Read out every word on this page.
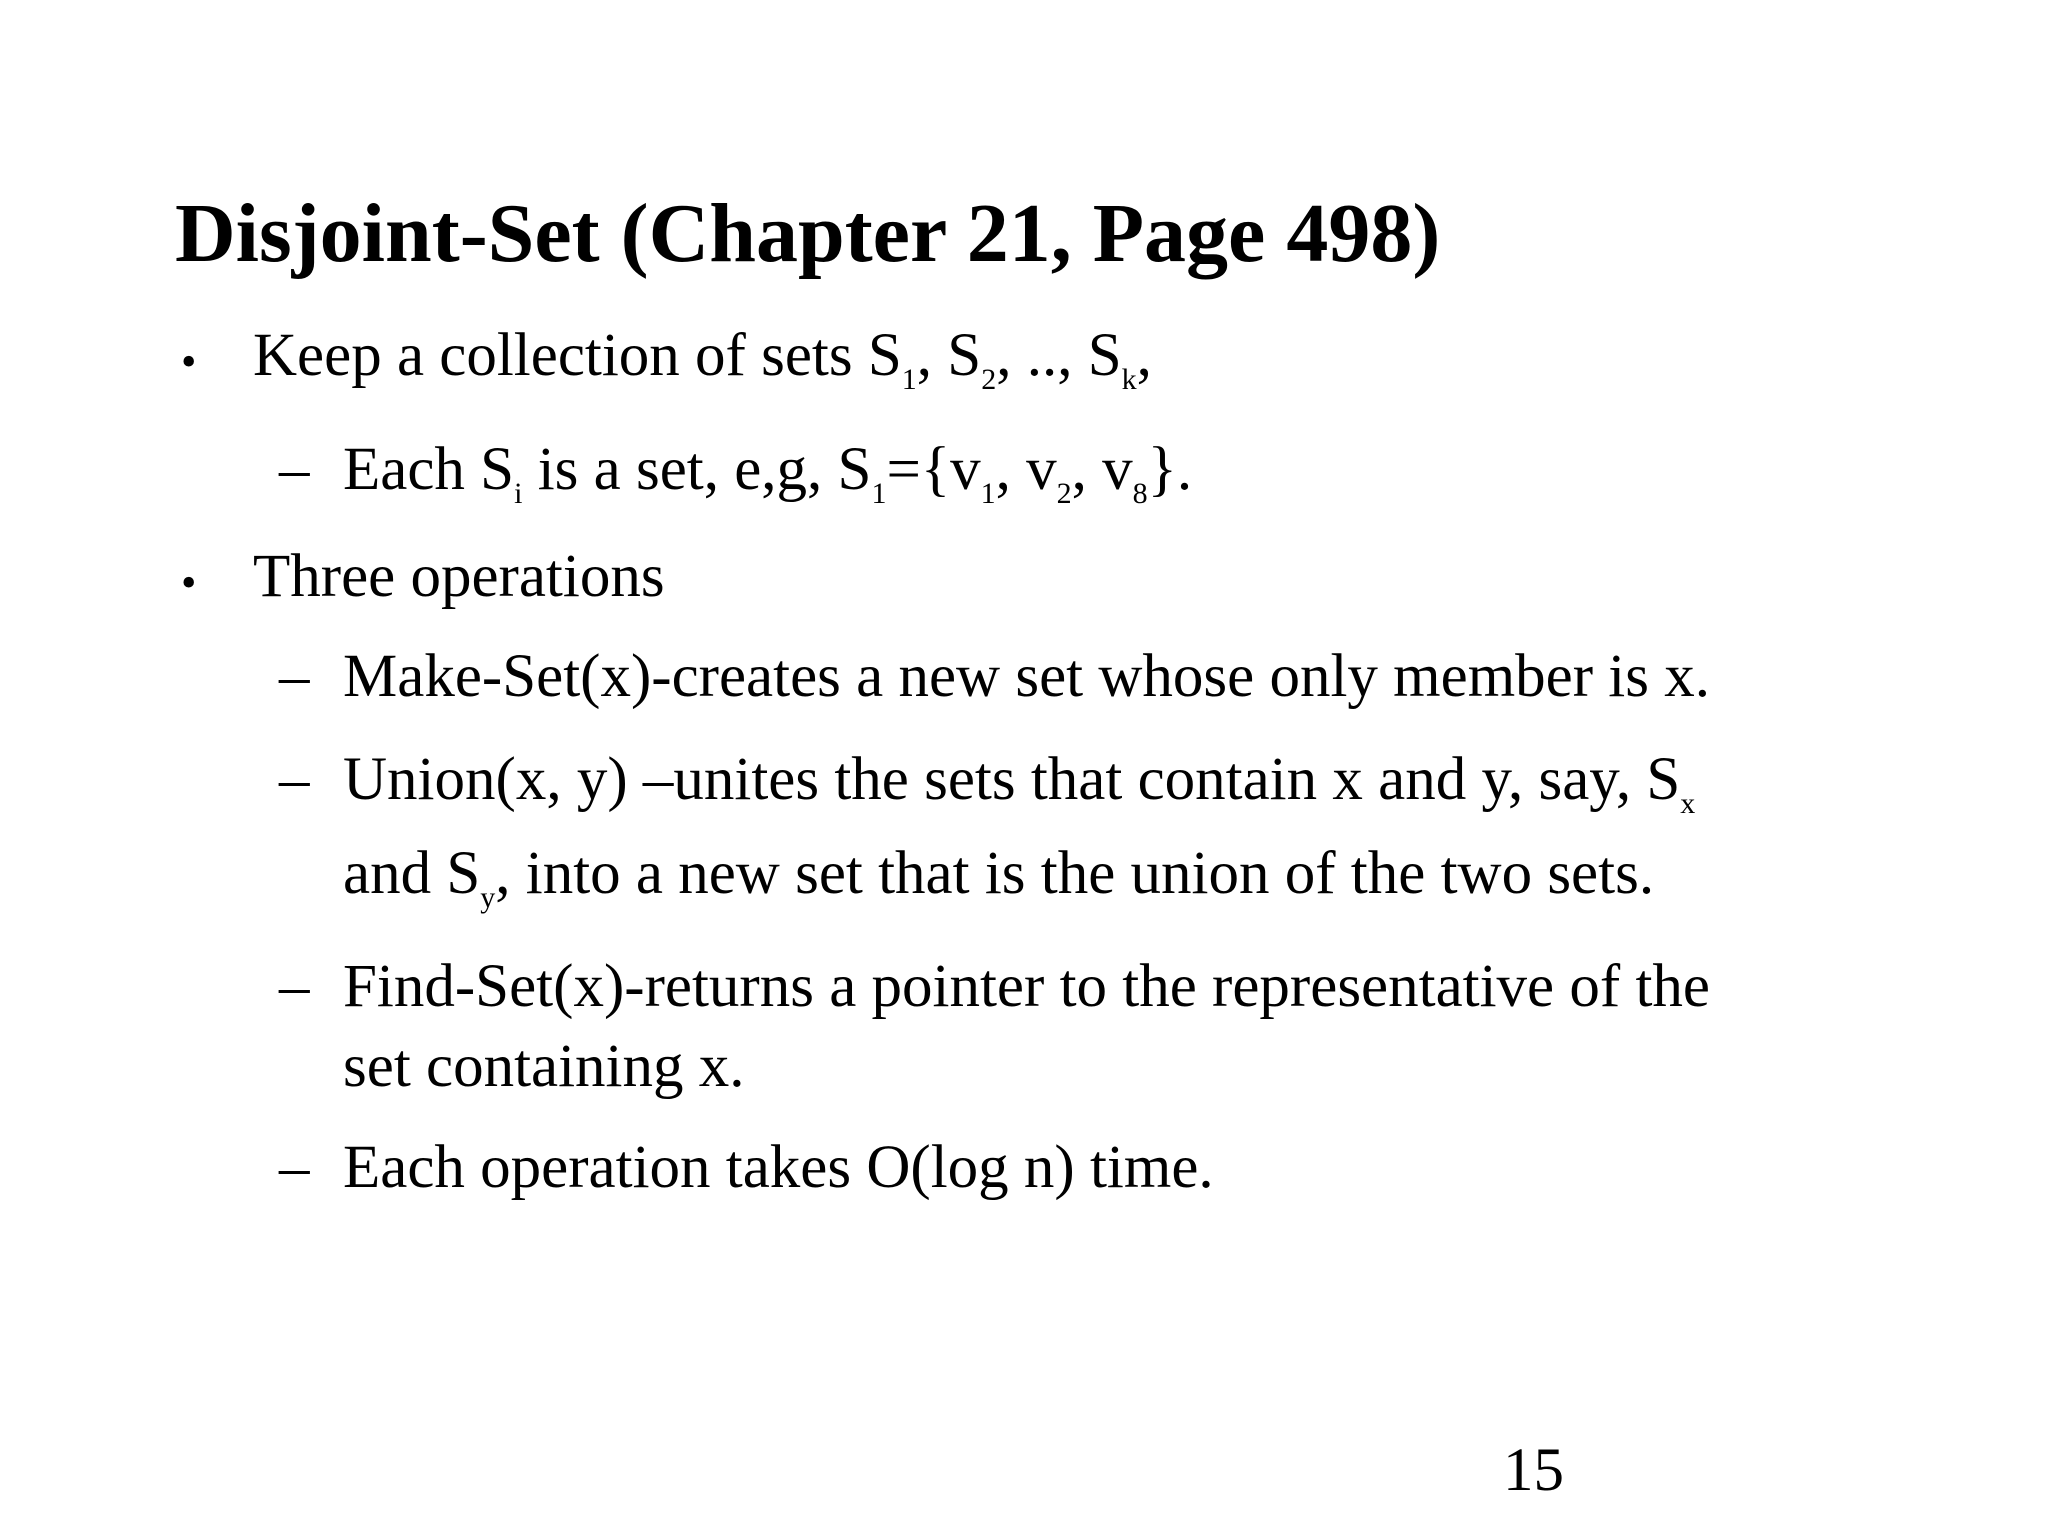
Disjoint-Set (Chapter 21, Page 498)
• Keep a collection of sets $S_1$, $S_2$, .., $S_k$,
– Each $S_i$ is a set, e,g, $S_1=\{v_1$, $v_2$, $v_8$}.
• Three operations
– Make-Set(x)-creates a new set whose only member is x.
– Union(x, y) –unites the sets that contain x and y, say, $S_x$
and $S_y$, into a new set that is the union of the two sets.
– Find-Set(x)-returns a pointer to the representative of the
set containing x.
– Each operation takes O(log n) time.
15
